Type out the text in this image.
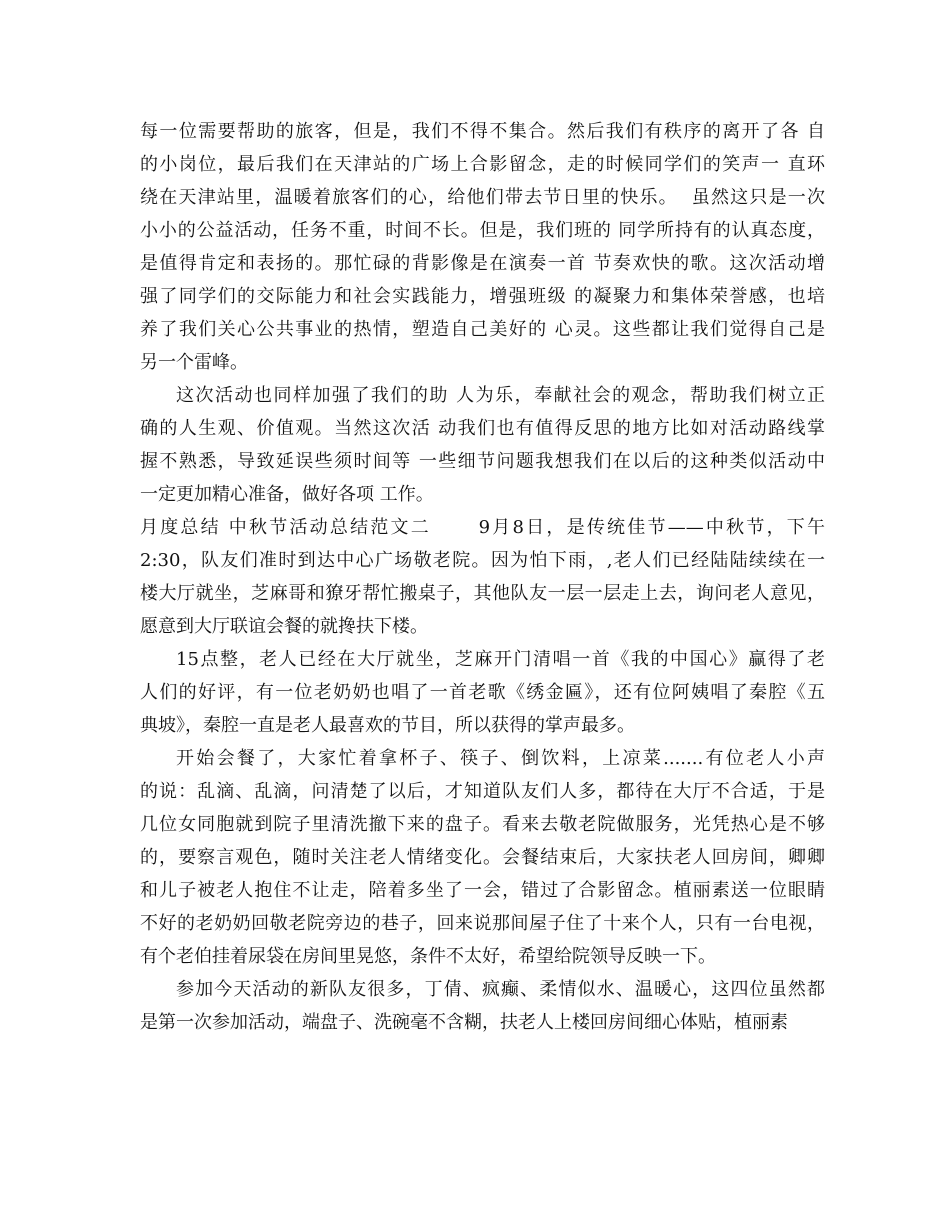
每一位需要帮助的旅客，但是，我们不得不集合。然后我们有秩序的离开了各 自
的小岗位，最后我们在天津站的广场上合影留念，走的时候同学们的笑声一 直环
绕在天津站里，温暖着旅客们的心，给他们带去节日里的快乐。  虽然这只是一次
小小的公益活动，任务不重，时间不长。但是，我们班的 同学所持有的认真态度，
是值得肯定和表扬的。那忙碌的背影像是在演奏一首 节奏欢快的歌。这次活动增
强了同学们的交际能力和社会实践能力，增强班级 的凝聚力和集体荣誉感，也培
养了我们关心公共事业的热情，塑造自己美好的 心灵。这些都让我们觉得自己是
另一个雷峰。
这次活动也同样加强了我们的助 人为乐，奉献社会的观念，帮助我们树立正
确的人生观、价值观。当然这次活 动我们也有值得反思的地方比如对活动路线掌
握不熟悉，导致延误些须时间等 一些细节问题我想我们在以后的这种类似活动中
一定更加精心准备，做好各项 工作。
月度总结 中秋节活动总结范文二      9月8日，是传统佳节——中秋节，下午
2:30，队友们准时到达中心广场敬老院。因为怕下雨，,老人们已经陆陆续续在一
楼大厅就坐，芝麻哥和獠牙帮忙搬桌子，其他队友一层一层走上去，询问老人意见，
愿意到大厅联谊会餐的就搀扶下楼。
15点整，老人已经在大厅就坐，芝麻开门清唱一首《我的中国心》赢得了老
人们的好评，有一位老奶奶也唱了一首老歌《绣金匾》，还有位阿姨唱了秦腔《五
典坡》，秦腔一直是老人最喜欢的节目，所以获得的掌声最多。
开始会餐了，大家忙着拿杯子、筷子、倒饮料，上凉菜.......有位老人小声
的说：乱滴、乱滴，问清楚了以后，才知道队友们人多，都待在大厅不合适，于是
几位女同胞就到院子里清洗撤下来的盘子。看来去敬老院做服务，光凭热心是不够
的，要察言观色，随时关注老人情绪变化。会餐结束后，大家扶老人回房间，卿卿
和儿子被老人抱住不让走，陪着多坐了一会，错过了合影留念。植丽素送一位眼睛
不好的老奶奶回敬老院旁边的巷子，回来说那间屋子住了十来个人，只有一台电视，
有个老伯挂着尿袋在房间里晃悠，条件不太好，希望给院领导反映一下。
参加今天活动的新队友很多，丁倩、疯癫、柔情似水、温暖心，这四位虽然都
是第一次参加活动，端盘子、洗碗毫不含糊，扶老人上楼回房间细心体贴，植丽素
